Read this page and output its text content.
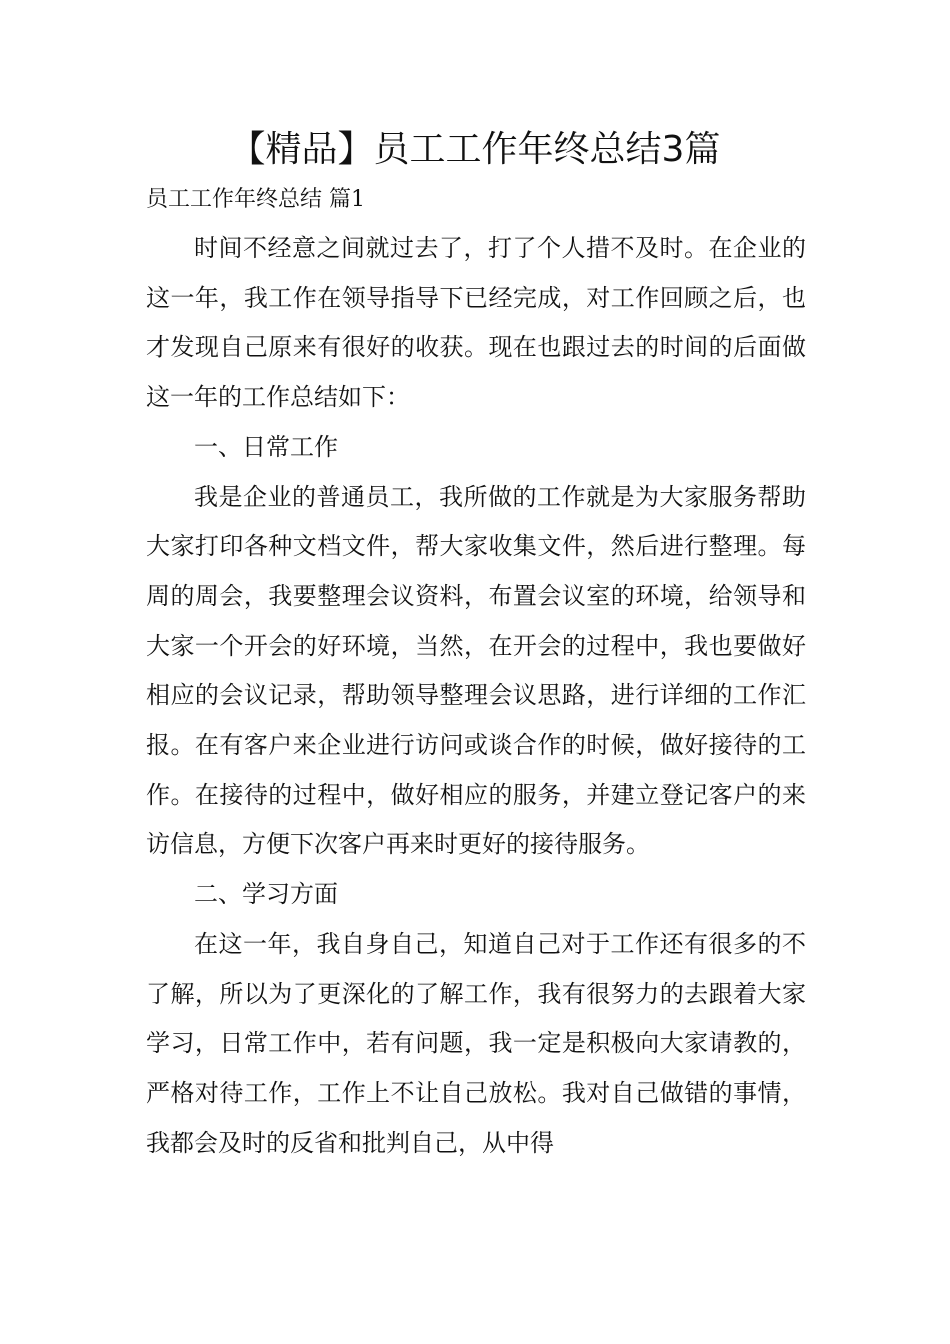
【精品】员工工作年终总结3篇

员工工作年终总结 篇1

时间不经意之间就过去了，打了个人措不及时。在企业的这一年，我工作在领导指导下已经完成，对工作回顾之后，也才发现自己原来有很好的收获。现在也跟过去的时间的后面做这一年的工作总结如下：

一、日常工作

我是企业的普通员工，我所做的工作就是为大家服务帮助大家打印各种文档文件，帮大家收集文件，然后进行整理。每周的周会，我要整理会议资料，布置会议室的环境，给领导和大家一个开会的好环境，当然，在开会的过程中，我也要做好相应的会议记录，帮助领导整理会议思路，进行详细的工作汇报。在有客户来企业进行访问或谈合作的时候，做好接待的工作。在接待的过程中，做好相应的服务，并建立登记客户的来访信息，方便下次客户再来时更好的接待服务。

二、学习方面

在这一年，我自身自己，知道自己对于工作还有很多的不了解，所以为了更深化的了解工作，我有很努力的去跟着大家学习，日常工作中，若有问题，我一定是积极向大家请教的，严格对待工作，工作上不让自己放松。我对自己做错的事情，我都会及时的反省和批判自己，从中得
